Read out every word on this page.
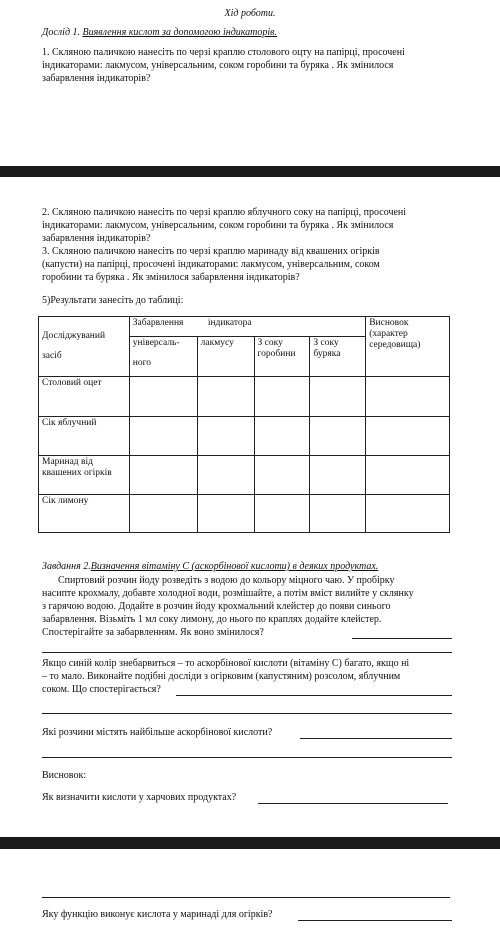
Хід роботи.
Дослід 1. Виявлення кислот за допомогою індикаторів.
1. Скляною паличкою нанесіть по черзі краплю столового оцту на папірці, просочені
індикаторами: лакмусом, універсальним, соком горобини та буряка . Як змінилося
забарвлення індикаторів?
2. Скляною паличкою нанесіть по черзі краплю яблучного соку на папірці, просочені
індикаторами: лакмусом, універсальним, соком горобини та буряка . Як змінилося
забарвлення індикаторів?
3. Скляною паличкою нанесіть по черзі краплю маринаду від квашених огірків
(капусти) на папірці, просочені індикаторами: лакмусом, універсальним, соком
горобини та буряка . Як змінилося забарвлення індикаторів?
5)Результати занесіть до таблиці:
Досліджуваний
засіб	Забарвлення індикатора				Висновок (характер середовища)

	універсаль-
ного	лакмусу	З соку горобини	З соку буряка	
Столовий оцет					
Сік яблучний					
Маринад від квашених огірків					
Сік лимону					
Завдання 2.Визначення вітаміну С (аскорбінової кислоти) в деяких продуктах.
Спиртовий розчин йоду розведіть з водою до кольору міцного чаю. У пробірку
насипте крохмалу, добавте холодної води, розмішайте, а потім вміст вилийте у склянку
з гарячою водою. Додайте в розчин йоду крохмальний клейстер до появи синього
забарвлення. Візьміть 1 мл соку лимону, до нього по краплях додайте клейстер.
Спостерігайте за забарвленням. Як воно змінилося?
Якщо синій колір знебарвиться – то аскорбінової кислоти (вітаміну С) багато, якщо ні
– то мало. Виконайте подібні досліди з огірковим (капустяним) розсолом, яблучним
соком. Що спостерігається?
Які розчини містять найбільше аскорбінової кислоти?
Висновок:
Як визначити кислоти у харчових продуктах?
Яку функцію виконує кислота у маринаді для огірків?
